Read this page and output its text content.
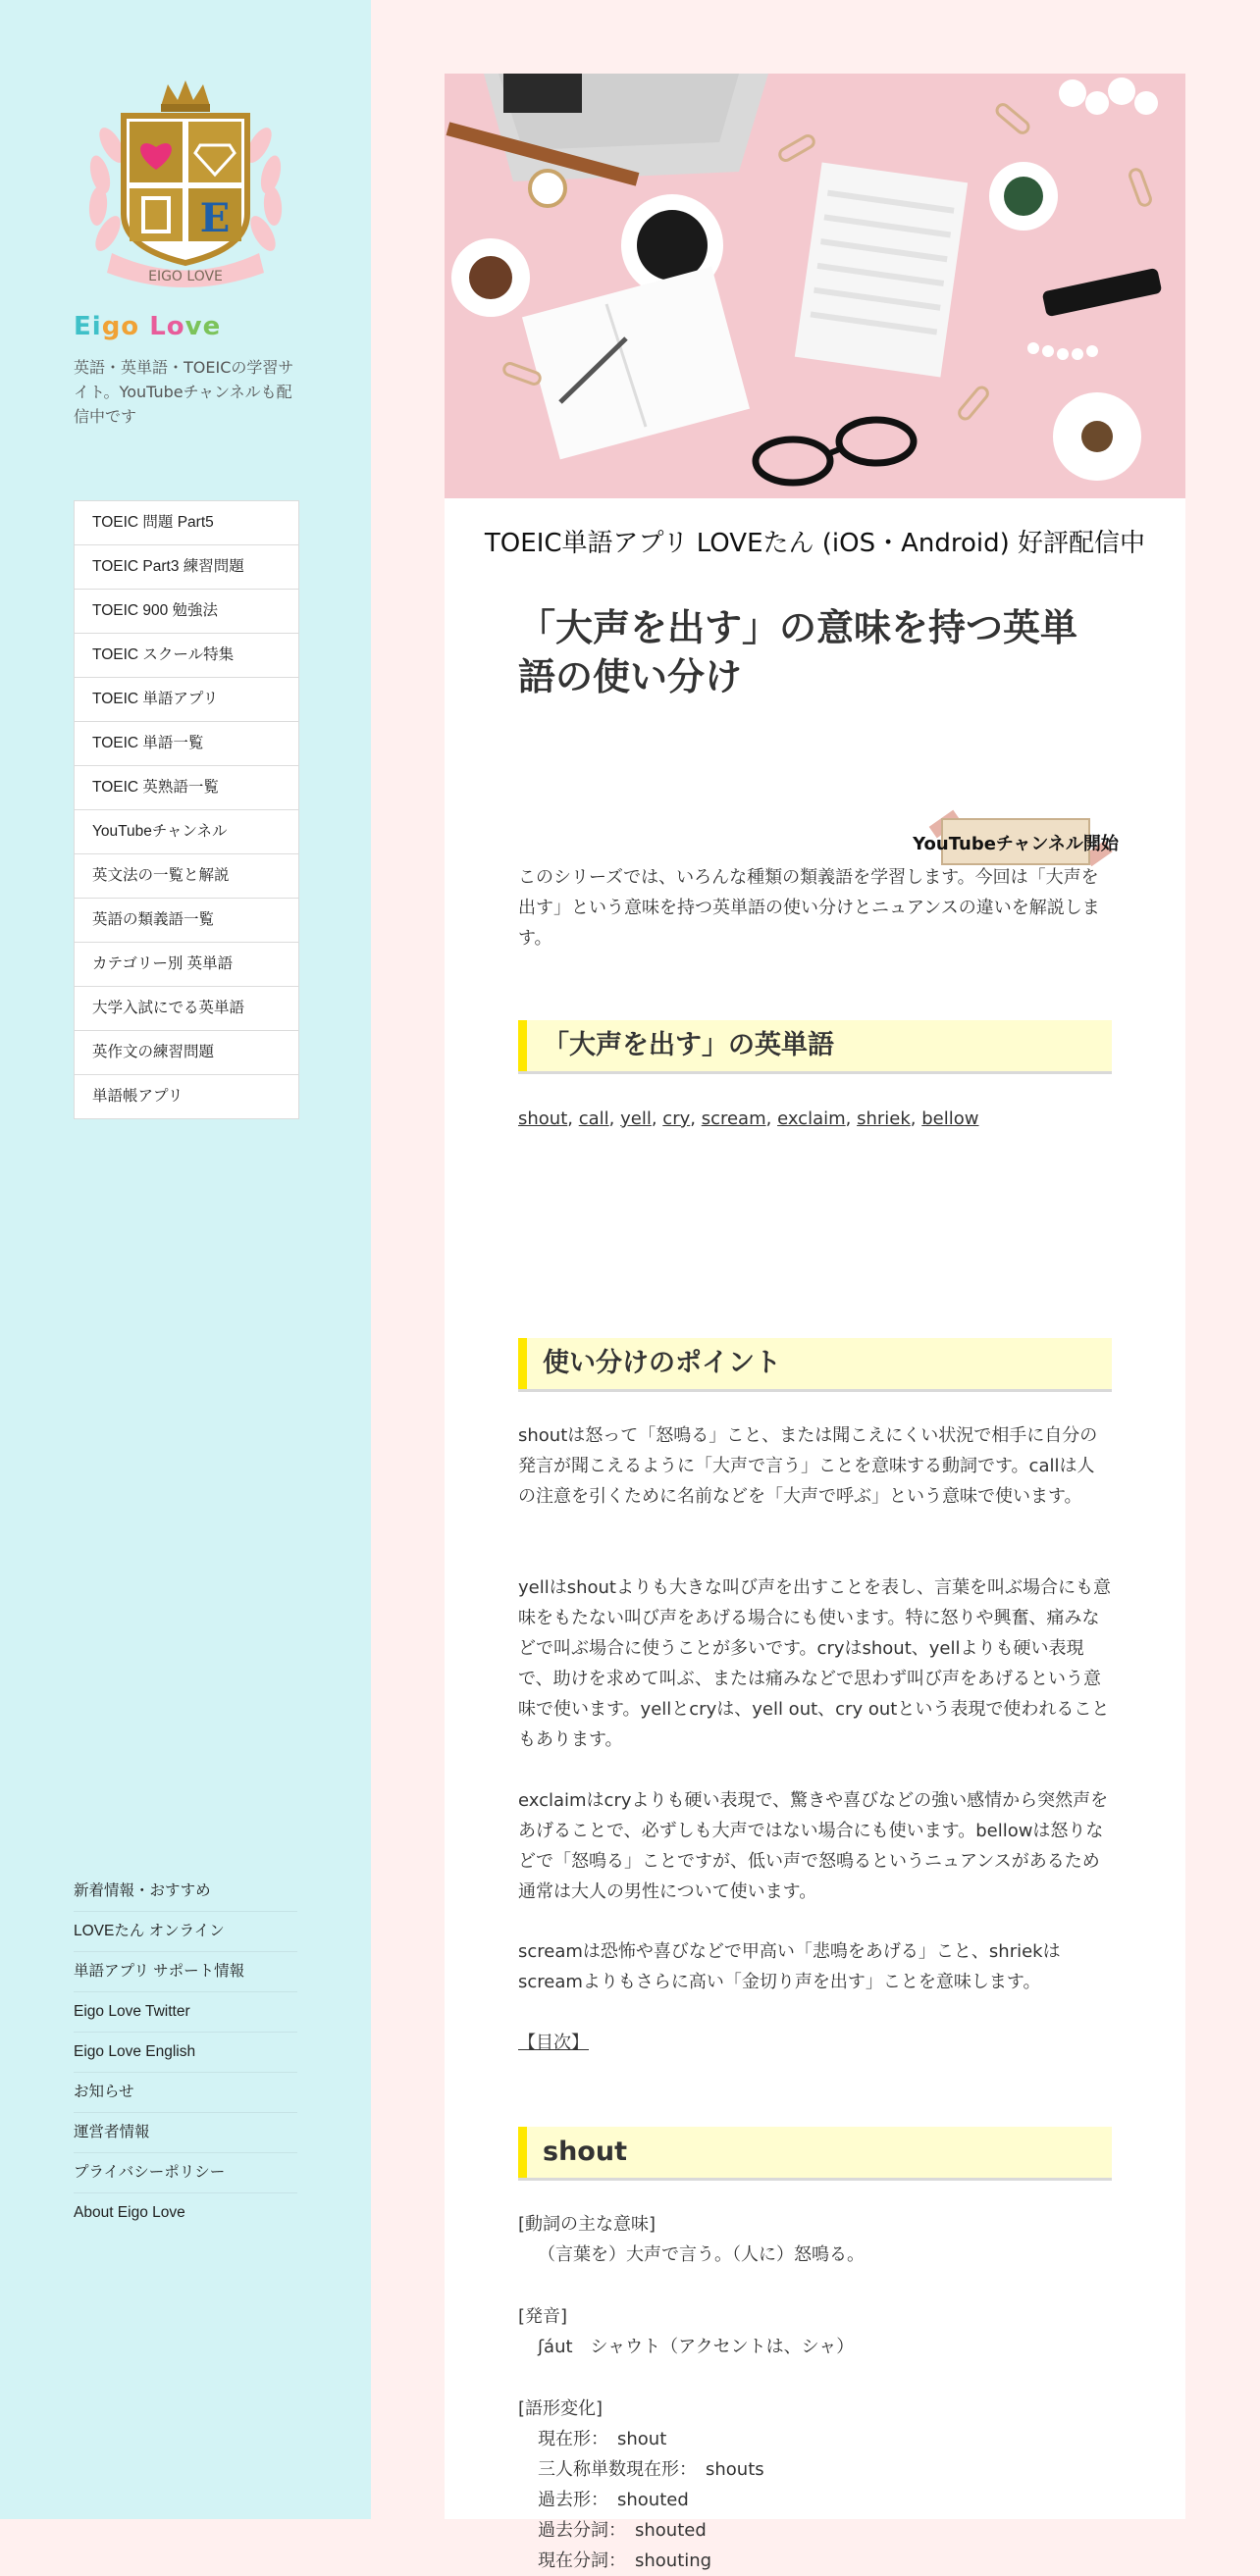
E
EIGO LOVE
Eigo Love

英語・英単語・TOEICの学習サイト。YouTubeチャンネルも配信中です

TOEIC 問題 Part5
TOEIC Part3 練習問題
TOEIC 900 勉強法
TOEIC スクール特集
TOEIC 単語アプリ
TOEIC 単語一覧
TOEIC 英熟語一覧
YouTubeチャンネル
英文法の一覧と解説
英語の類義語一覧
カテゴリー別 英単語
大学入試にでる英単語
英作文の練習問題
単語帳アプリ
新着情報・おすすめ
LOVEたん オンライン
単語アプリ サポート情報
Eigo Love Twitter
Eigo Love English
お知らせ
運営者情報
プライバシーポリシー
About Eigo Love
TOEIC単語アプリ LOVEたん (iOS・Android) 好評配信中
「大声を出す」の意味を持つ英単語の使い分け
YouTubeチャンネル開始

このシリーズでは、いろんな種類の類義語を学習します。今回は「大声を出す」という意味を持つ英単語の使い分けとニュアンスの違いを解説します。

「大声を出す」の英単語
shout, call, yell, cry, scream, exclaim, shriek, bellow
使い分けのポイント

shoutは怒って「怒鳴る」こと、または聞こえにくい状況で相手に自分の発言が聞こえるように「大声で言う」ことを意味する動詞です。callは人の注意を引くために名前などを「大声で呼ぶ」という意味で使います。

yellはshoutよりも大きな叫び声を出すことを表し、言葉を叫ぶ場合にも意味をもたない叫び声をあげる場合にも使います。特に怒りや興奮、痛みなどで叫ぶ場合に使うことが多いです。cryはshout、yellよりも硬い表現で、助けを求めて叫ぶ、または痛みなどで思わず叫び声をあげるという意味で使います。yellとcryは、yell out、cry outという表現で使われることもあります。

exclaimはcryよりも硬い表現で、驚きや喜びなどの強い感情から突然声をあげることで、必ずしも大声ではない場合にも使います。bellowは怒りなどで「怒鳴る」ことですが、低い声で怒鳴るというニュアンスがあるため通常は大人の男性について使います。

screamは恐怖や喜びなどで甲高い「悲鳴をあげる」こと、shriekはscreamよりもさらに高い「金切り声を出す」ことを意味します。

【目次】

shout

[動詞の主な意味]

（言葉を）大声で言う。（人に）怒鳴る。

[発音]

ʃáut　シャウト（アクセントは、シャ）

[語形変化]

現在形：　shout

三人称単数現在形：　shouts

過去形：　shouted

過去分詞：　shouted

現在分詞：　shouting
